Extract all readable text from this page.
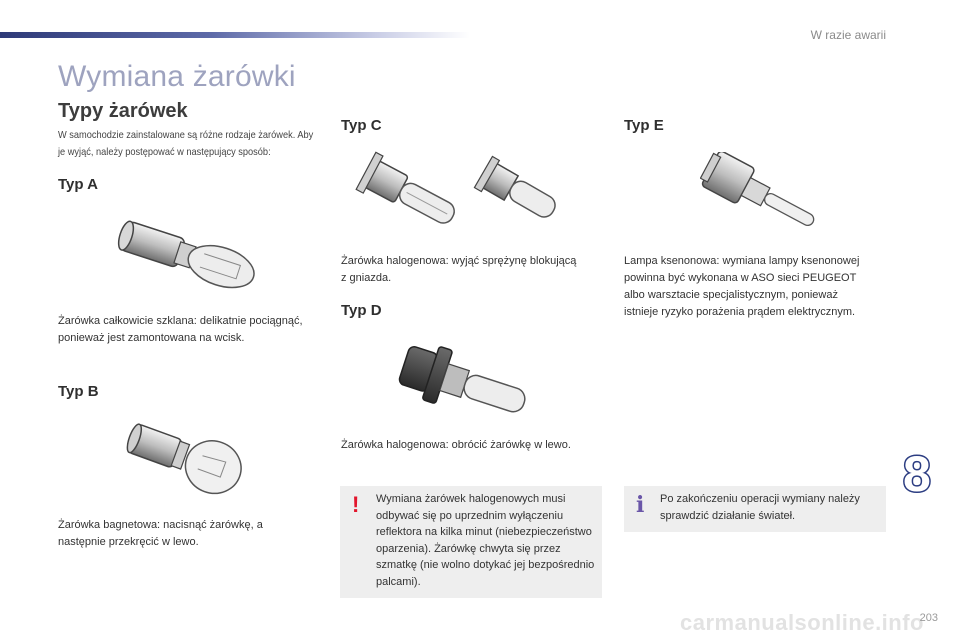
W razie awarii
Wymiana żarówki
Typy żarówek
W samochodzie zainstalowane są różne rodzaje żarówek. Aby je wyjąć, należy postępować w następujący sposób:
Typ A
Żarówka całkowicie szklana: delikatnie pociągnąć, ponieważ jest zamontowana na wcisk.
Typ B
Żarówka bagnetowa: nacisnąć żarówkę, a następnie przekręcić w lewo.
Typ C
Żarówka halogenowa: wyjąć sprężynę blokującą z gniazda.
Typ D
Żarówka halogenowa: obrócić żarówkę w lewo.
Typ E
Lampa ksenonowa: wymiana lampy ksenonowej powinna być wykonana w ASO sieci PEUGEOT albo warsztacie specjalistycznym, ponieważ istnieje ryzyko porażenia prądem elektrycznym.
! Wymiana żarówek halogenowych musi odbywać się po uprzednim wyłączeniu reflektora na kilka minut (niebezpieczeństwo oparzenia). Żarówkę chwyta się przez szmatkę (nie wolno dotykać jej bezpośrednio palcami).
i Po zakończeniu operacji wymiany należy sprawdzić działanie świateł.
8
carmanualsonline.info
203
